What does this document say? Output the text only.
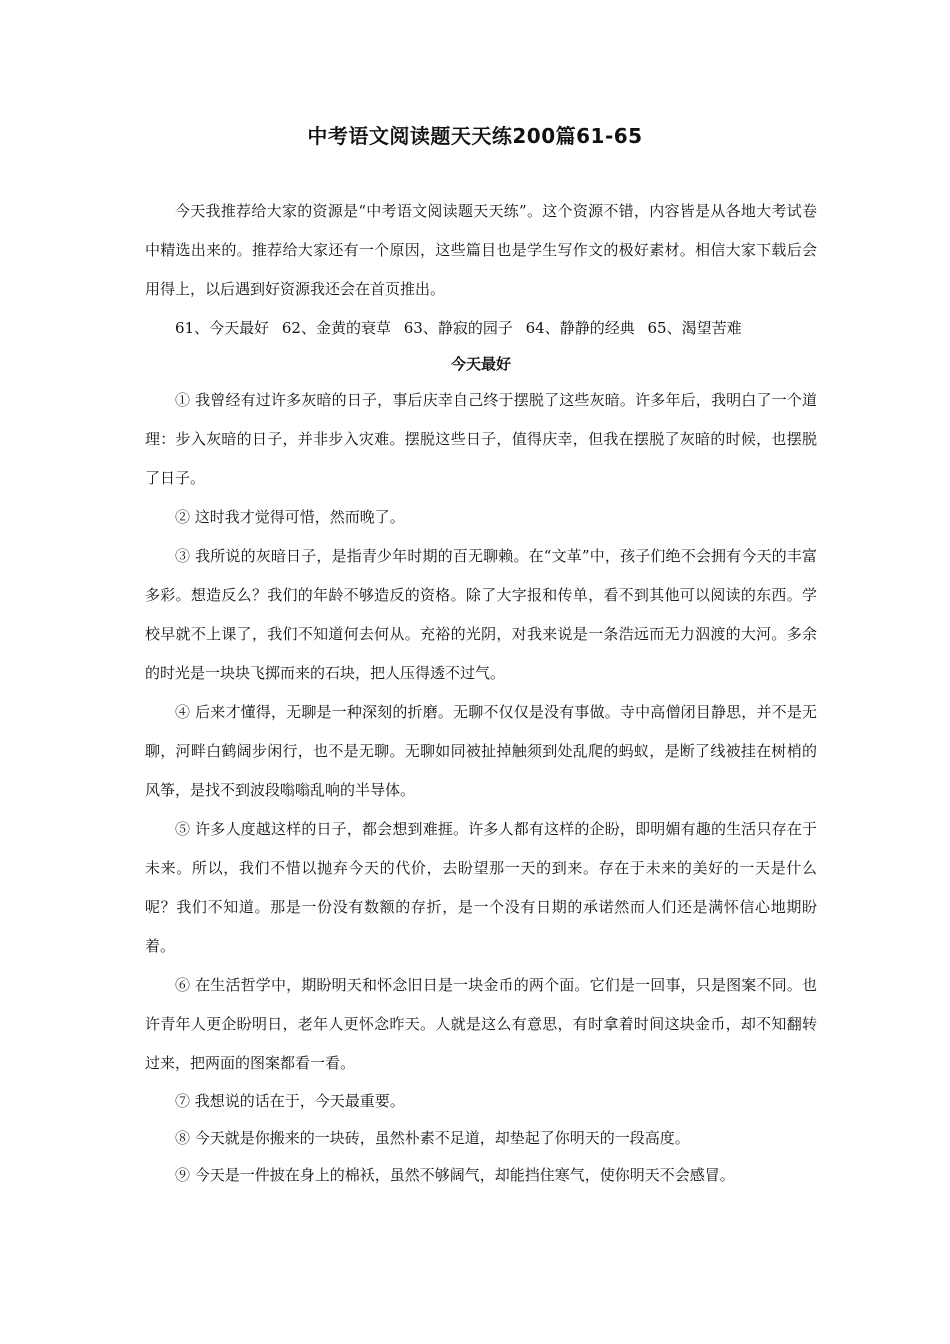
中考语文阅读题天天练200篇61-65

今天我推荐给大家的资源是“中考语文阅读题天天练”。这个资源不错，内容皆是从各地大考试卷中精选出来的。推荐给大家还有一个原因，这些篇目也是学生写作文的极好素材。相信大家下载后会用得上，以后遇到好资源我还会在首页推出。

61、今天最好 62、金黄的衰草 63、静寂的园子 64、静静的经典 65、渴望苦难

今天最好

① 我曾经有过许多灰暗的日子，事后庆幸自己终于摆脱了这些灰暗。许多年后，我明白了一个道理：步入灰暗的日子，并非步入灾难。摆脱这些日子，值得庆幸，但我在摆脱了灰暗的时候，也摆脱了日子。

② 这时我才觉得可惜，然而晚了。

③ 我所说的灰暗日子，是指青少年时期的百无聊赖。在“文革”中，孩子们绝不会拥有今天的丰富多彩。想造反么？我们的年龄不够造反的资格。除了大字报和传单，看不到其他可以阅读的东西。学校早就不上课了，我们不知道何去何从。充裕的光阴，对我来说是一条浩远而无力泅渡的大河。多余的时光是一块块飞掷而来的石块，把人压得透不过气。

④ 后来才懂得，无聊是一种深刻的折磨。无聊不仅仅是没有事做。寺中高僧闭目静思，并不是无聊，河畔白鹤阔步闲行，也不是无聊。无聊如同被扯掉触须到处乱爬的蚂蚁，是断了线被挂在树梢的风筝，是找不到波段嗡嗡乱响的半导体。

⑤ 许多人度越这样的日子，都会想到难捱。许多人都有这样的企盼，即明媚有趣的生活只存在于未来。所以，我们不惜以抛弃今天的代价，去盼望那一天的到来。存在于未来的美好的一天是什么呢？我们不知道。那是一份没有数额的存折，是一个没有日期的承诺然而人们还是满怀信心地期盼着。

⑥ 在生活哲学中，期盼明天和怀念旧日是一块金币的两个面。它们是一回事，只是图案不同。也许青年人更企盼明日，老年人更怀念昨天。人就是这么有意思，有时拿着时间这块金币，却不知翻转过来，把两面的图案都看一看。

⑦ 我想说的话在于，今天最重要。

⑧ 今天就是你搬来的一块砖，虽然朴素不足道，却垫起了你明天的一段高度。

⑨ 今天是一件披在身上的棉袄，虽然不够阔气，却能挡住寒气，使你明天不会感冒。
